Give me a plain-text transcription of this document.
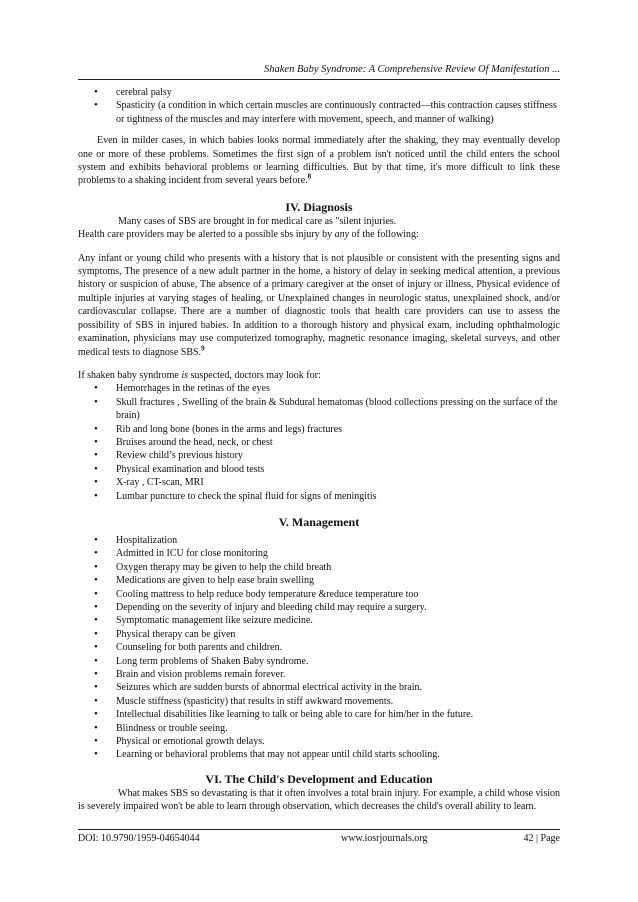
Shaken Baby Syndrome: A Comprehensive Review Of Manifestation ...
• cerebral palsy
• Spasticity (a condition in which certain muscles are continuously contracted—this contraction causes stiffness or tightness of the muscles and may interfere with movement, speech, and manner of walking)

Even in milder cases, in which babies looks normal immediately after the shaking, they may eventually develop one or more of these problems. Sometimes the first sign of a problem isn't noticed until the child enters the school system and exhibits behavioral problems or learning difficulties. But by that time, it's more difficult to link these problems to a shaking incident from several years before.$^8$

IV. Diagnosis

Many cases of SBS are brought in for medical care as "silent injuries.

Health care providers may be alerted to a possible sbs injury by any of the following:

Any infant or young child who presents with a history that is not plausible or consistent with the presenting signs and symptoms, The presence of a new adult partner in the home, a history of delay in seeking medical attention, a previous history or suspicion of abuse, The absence of a primary caregiver at the onset of injury or illness, Physical evidence of multiple injuries at varying stages of healing, or Unexplained changes in neurologic status, unexplained shock, and/or cardiovascular collapse. There are a number of diagnostic tools that health care providers can use to assess the possibility of SBS in injured babies. In addition to a thorough history and physical exam, including ophthalmologic examination, physicians may use computerized tomography, magnetic resonance imaging, skeletal surveys, and other medical tests to diagnose SBS.$^9$

If shaken baby syndrome is suspected, doctors may look for:

• Hemorrhages in the retinas of the eyes
• Skull fractures , Swelling of the brain & Subdural hematomas (blood collections pressing on the surface of the brain)
• Rib and long bone (bones in the arms and legs) fractures
• Bruises around the head, neck, or chest
• Review child’s previous history
• Physical examination and blood tests
• X-ray , CT-scan, MRI
• Lumbar puncture to check the spinal fluid for signs of meningitis
V. Management
• Hospitalization
• Admitted in ICU for close monitoring
• Oxygen therapy may be given to help the child breath
• Medications are given to help ease brain swelling
• Cooling mattress to help reduce body temperature &reduce temperature too
• Depending on the severity of injury and bleeding child may require a surgery.
• Symptomatic management like seizure medicine.
• Physical therapy can be given
• Counseling for both parents and children.
• Long term problems of Shaken Baby syndrome.
• Brain and vision problems remain forever.
• Seizures which are sudden bursts of abnormal electrical activity in the brain.
• Muscle stiffness (spasticity) that results in stiff awkward movements.
• Intellectual disabilities like learning to talk or being able to care for him/her in the future.
• Blindness or trouble seeing.
• Physical or emotional growth delays.
• Learning or behavioral problems that may not appear until child starts schooling.
VI. The Child's Development and Education

What makes SBS so devastating is that it often involves a total brain injury. For example, a child whose vision is severely impaired won't be able to learn through observation, which decreases the child's overall ability to learn.

DOI: 10.9790/1959-04654044	www.iosrjournals.org	42 | Page
